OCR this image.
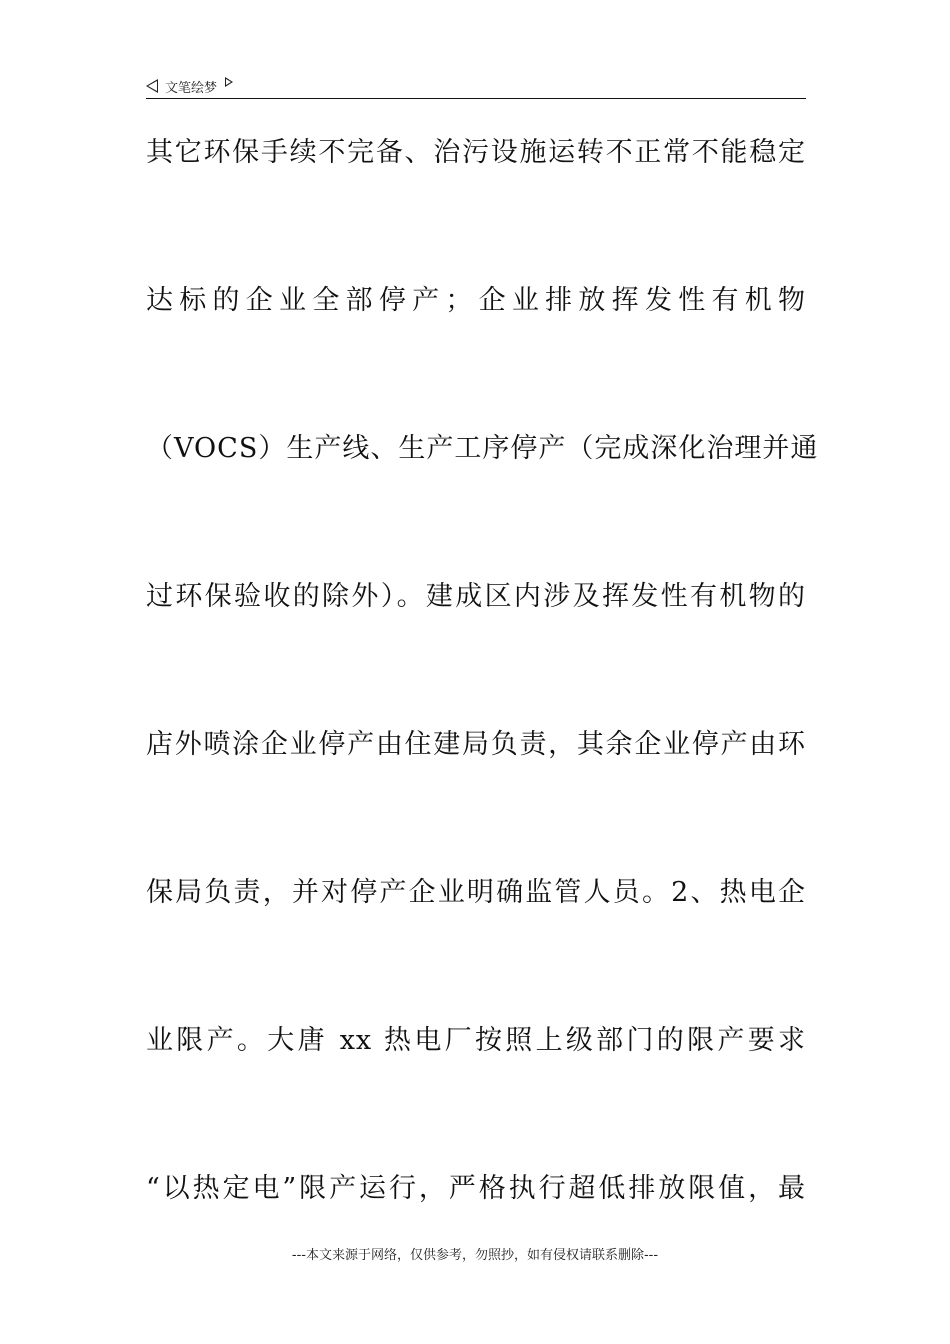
文笔绘梦
其它环保手续不完备、治污设施运转不正常不能稳定
达标的企业全部停产；企业排放挥发性有机物
（VOCS）生产线、生产工序停产（完成深化治理并通
过环保验收的除外）。建成区内涉及挥发性有机物的
店外喷涂企业停产由住建局负责，其余企业停产由环
保局负责，并对停产企业明确监管人员。2、热电企
业限产。大唐 xx 热电厂按照上级部门的限产要求
“以热定电”限产运行，严格执行超低排放限值，最
---本文来源于网络，仅供参考，勿照抄，如有侵权请联系删除---
